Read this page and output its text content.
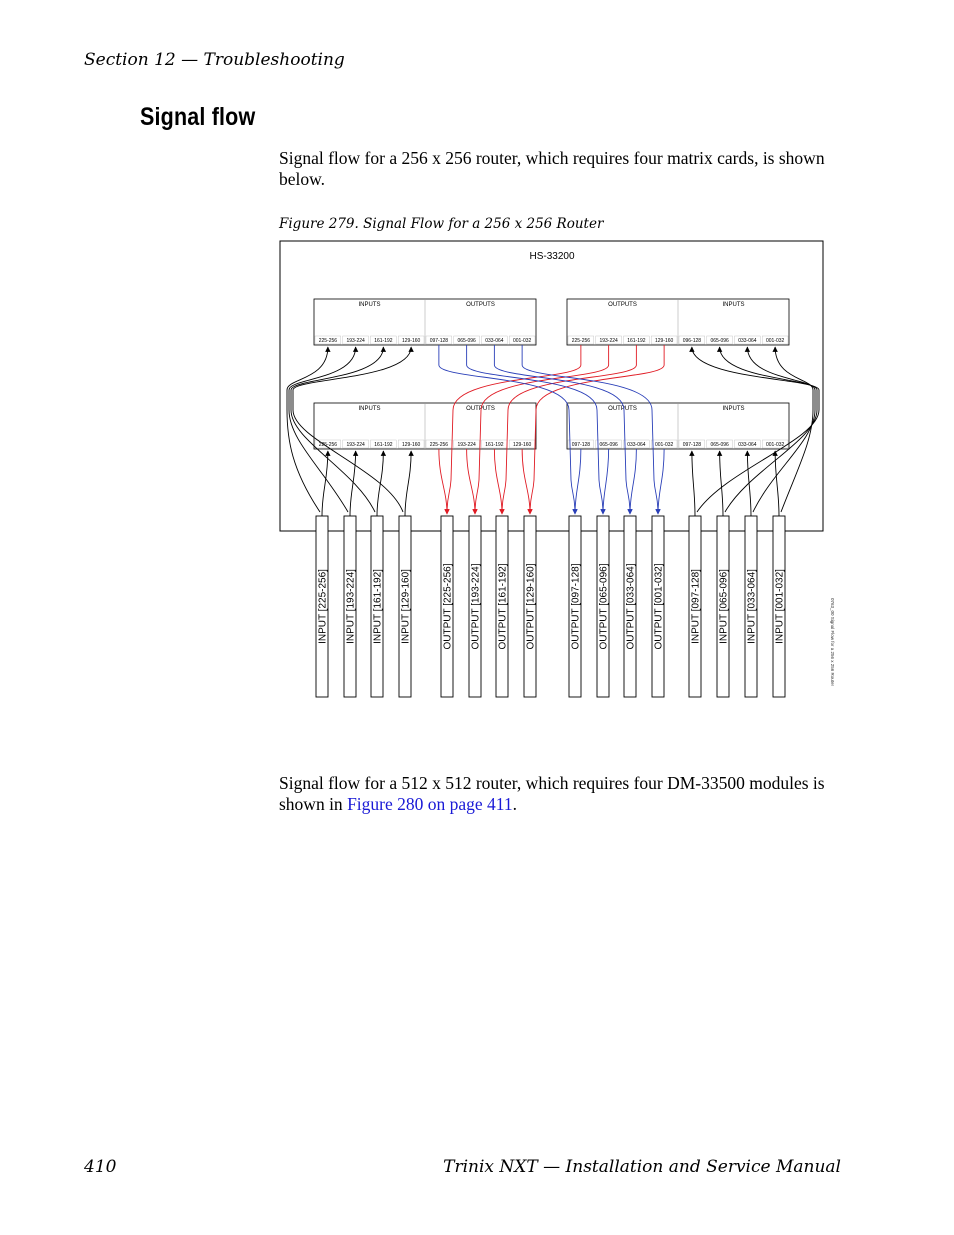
Section 12 — Troubleshooting
Signal flow
Signal flow for a 256 x 256 router, which requires four matrix cards, is shown below.
Figure 279. Signal Flow for a 256 x 256 Router
HS-33200
INPUTS	OUTPUTS
225-256 193-224 161-192 129-160 097-128 065-096 033-064 001-032
OUTPUTS	INPUTS
225-256 193-224 161-192 129-160 096-128 065-096 033-064 001-032
INPUTS	OUTPUTS
225-256 193-224 161-192 129-160 225-256 193-224 161-192 129-160
OUTPUTS	INPUTS
097-128 065-096 033-064 001-032 097-128 065-096 033-064 001-032
INPUT [225-256] INPUT [193-224] INPUT [161-192] INPUT [129-160]	OUTPUT [225-256] OUTPUT [193-224] OUTPUT [161-192] OUTPUT [129-160]	OUTPUT [097-128] OUTPUT [065-096] OUTPUT [033-064] OUTPUT [001-032]	INPUT [097-128] INPUT [065-096] INPUT [033-064] INPUT [001-032]	0763_00 Signal Flow for a 256 x 256 Router
Signal flow for a 512 x 512 router, which requires four DM-33500 modules is shown in Figure 280 on page 411.
410	Trinix NXT — Installation and Service Manual
